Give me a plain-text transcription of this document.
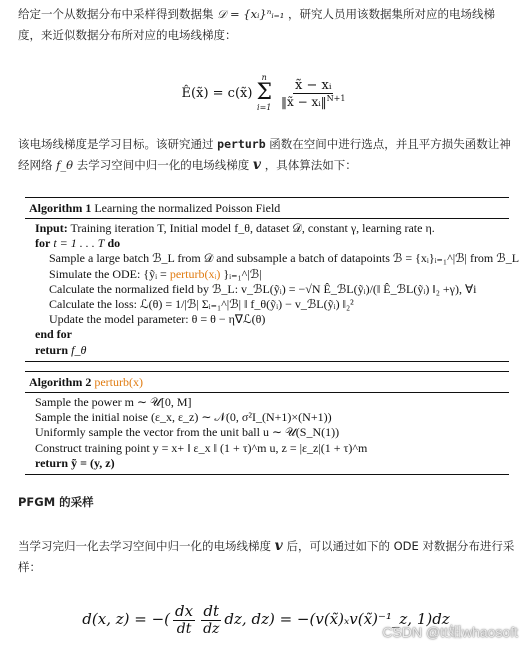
给定一个从数据分布中采样得到数据集 𝒟 = {xᵢ}ⁿᵢ₌₁ ，研究人员用该数据集所对应的电场线梯度，来近似数据分布所对应的电场线梯度：
Ê(x̃) = c(x̃)
n
Σ
$i=1 \frac{\text{x̃ − xᵢ}}{‖x̃ - xᵢ‖^{N+1}}$
该电场线梯度是学习目标。该研究通过 perturb 函数在空间中进行选点，并且平方损失函数让神经网络 f_θ 去学习空间中归一化的电场线梯度 𝒗 ，具体算法如下：
Algorithm 1 Learning the normalized Poisson Field
Input: Training iteration T, Initial model f_θ, dataset 𝒟, constant γ, learning rate η.
for t = 1 . . . T do
Sample a large batch ℬ_L from 𝒟 and subsample a batch of datapoints ℬ = {xᵢ}ᵢ₌₁^|ℬ| from ℬ_L
Simulate the ODE: {ỹᵢ = perturb(xᵢ) }ᵢ₌₁^|ℬ|
Calculate the normalized field by ℬ_L: v_ℬL(ỹᵢ) = −√N Ê_ℬL(ỹᵢ)/(‖ Ê_ℬL(ỹᵢ) ‖₂ +γ), ∀i
Calculate the loss: ℒ(θ) = 1/|ℬ| Σᵢ₌₁^|ℬ| ‖ f_θ(ỹᵢ) − v_ℬL(ỹᵢ) ‖₂²
Update the model parameter: θ = θ − η∇ℒ(θ)
end for
return f_θ
Algorithm 2 perturb(x)
Sample the power m ∼ 𝒰[0, M]
Sample the initial noise (ε_x, ε_z) ∼ 𝒩(0, σ²I_(N+1)×(N+1))
Uniformly sample the vector from the unit ball u ∼ 𝒰(S_N(1))
Construct training point y = x+ ‖ ε_x ‖ (1 + τ)^m u, z = |ε_z|(1 + τ)^m
return ỹ = (y, z)
PFGM 的采样
当学习完归一化去学习空间中归一化的电场线梯度 𝒗 后，可以通过如下的 ODE 对数据分布进行采样：
d(x, z) = −( $\frac{dx}{dt} \frac{dt}{dz}$ dz, dz) = −(v(x̃)ₓv(x̃)⁻¹_z, 1)dz
CSDN @tt姐whaosoft
